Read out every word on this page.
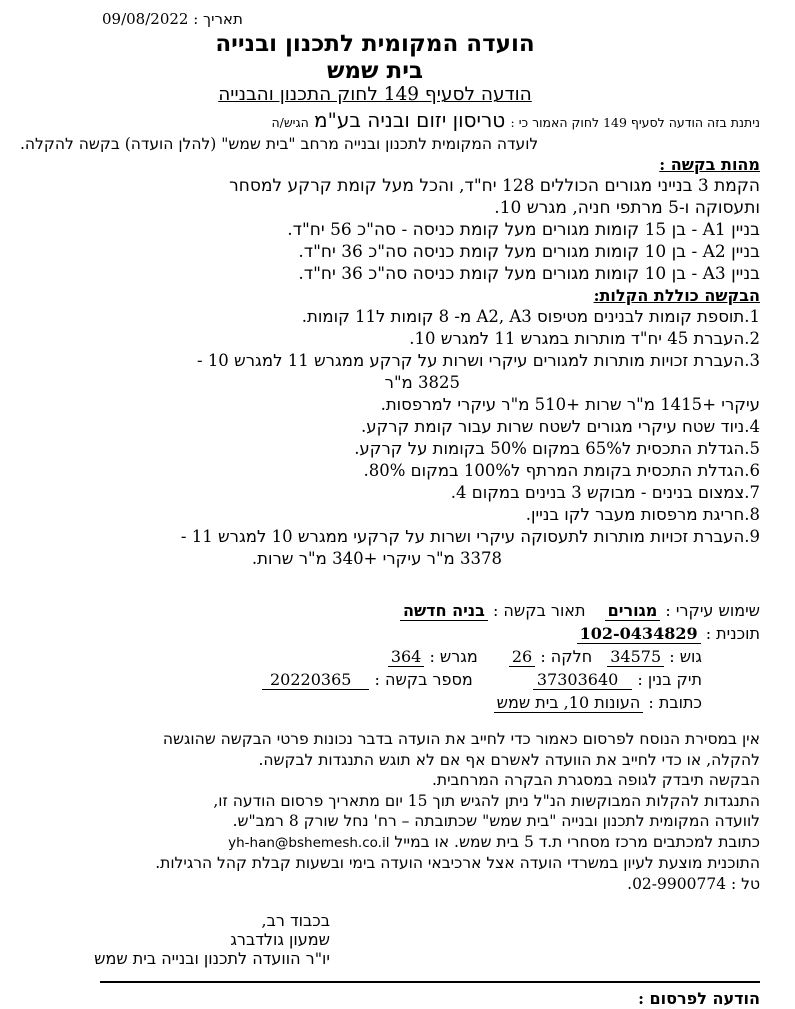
תאריך : 09/08/2022
הועדה המקומית לתכנון ובנייה
בית שמש
הודעה לסעיף 149 לחוק התכנון והבנייה
ניתנת בזה הודעה לסעיף 149 לחוק האמור כי : טריסון יזום ובניה בע"מ הגיש/ה
לועדה המקומית לתכנון ובנייה מרחב "בית שמש" (להלן הועדה) בקשה להקלה.
מהות בקשה :
הקמת 3 בנייני מגורים הכוללים 128 יח"ד, והכל מעל קומת קרקע למסחר
ותעסוקה ו-5 מרתפי חניה, מגרש 10.
בניין A1 - בן 15 קומות מגורים מעל קומת כניסה - סה"כ 56 יח"ד.
בניין A2 - בן 10 קומות מגורים מעל קומת כניסה סה"כ 36 יח"ד.
בניין A3 - בן 10 קומות מגורים מעל קומת כניסה סה"כ 36 יח"ד.
הבקשה כוללת הקלות:
1.תוספת קומות לבנינים מטיפוס A2, A3 מ- 8 קומות ל11 קומות.
2.העברת 45 יח"ד מותרות במגרש 11 למגרש 10.
3.העברת זכויות מותרות למגורים עיקרי ושרות על קרקע ממגרש 11 למגרש 10 -
3825 מ"ר
עיקרי +1415 מ"ר שרות +510 מ"ר עיקרי למרפסות.
4.ניוד שטח עיקרי מגורים לשטח שרות עבור קומת קרקע.
5.הגדלת התכסית ל65% במקום 50% בקומות על קרקע.
6.הגדלת התכסית בקומת המרתף ל100% במקום 80%.
7.צמצום בנינים - מבוקש 3 בנינים במקום 4.
8.חריגת מרפסות מעבר לקו בניין.
9.העברת זכויות מותרות לתעסוקה עיקרי ושרות על קרקעי ממגרש 10 למגרש 11 -
3378 מ"ר עיקרי +340 מ"ר שרות.
שימוש עיקרי : מגורים תאור בקשה : בניה חדשה
תוכנית : 102-0434829
גוש : 34575 חלקה : 26 מגרש : 364
תיק בנין : 37303640 מספר בקשה : 20220365
כתובת : העונות 10, בית שמש
אין במסירת הנוסח לפרסום כאמור כדי לחייב את הועדה בדבר נכונות פרטי הבקשה שהוגשה
להקלה, או כדי לחייב את הוועדה לאשרם אף אם לא תוגש התנגדות לבקשה.
הבקשה תיבדק לגופה במסגרת הבקרה המרחבית.
התנגדות להקלות המבוקשות הנ"ל ניתן להגיש תוך 15 יום מתאריך פרסום הודעה זו,
לוועדה המקומית לתכנון ובנייה "בית שמש" שכתובתה – רח' נחל שורק 8 רמב"ש.
כתובת למכתבים מרכז מסחרי ת.ד 5 בית שמש. או במייל yh-han@bshemesh.co.il
התוכנית מוצעת לעיון במשרדי הועדה אצל ארכיבאי הועדה בימי ובשעות קבלת קהל הרגילות.
טל : 02-9900774.
בכבוד רב,
שמעון גולדברג
יו"ר הוועדה לתכנון ובנייה בית שמש
הודעה לפרסום :
